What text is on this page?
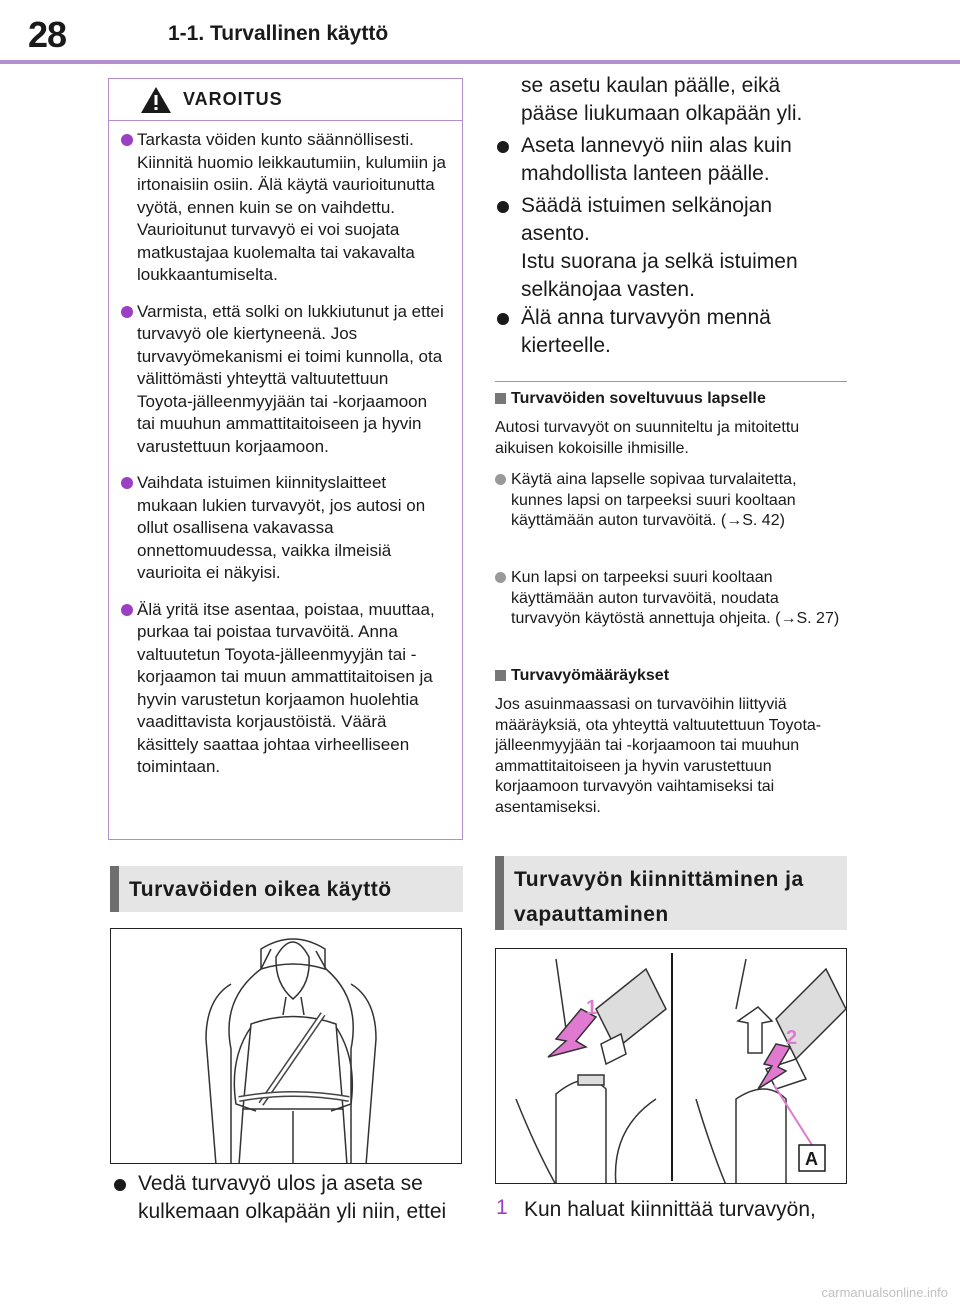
28	1-1. Turvallinen käyttö
VAROITUS
Tarkasta vöiden kunto säännöllisesti. Kiinnitä huomio leikkautumiin, kulumiin ja irtonaisiin osiin. Älä käytä vaurioitunutta vyötä, ennen kuin se on vaihdettu. Vaurioitunut turvavyö ei voi suojata matkustajaa kuolemalta tai vakavalta loukkaantumiselta.
Varmista, että solki on lukkiutunut ja ettei turvavyö ole kiertyneenä. Jos turvavyömekanismi ei toimi kunnolla, ota välittömästi yhteyttä valtuutettuun Toyota-jälleenmyyjään tai -korjaamoon tai muuhun ammattitaitoiseen ja hyvin varustettuun korjaamoon.
Vaihdata istuimen kiinnityslaitteet mukaan lukien turvavyöt, jos autosi on ollut osallisena vakavassa onnettomuudessa, vaikka ilmeisiä vaurioita ei näkyisi.
Älä yritä itse asentaa, poistaa, muuttaa, purkaa tai poistaa turvavöitä. Anna valtuutetun Toyota-jälleenmyyjän tai -korjaamon tai muun ammattitaitoisen ja hyvin varustetun korjaamon huolehtia vaadittavista korjaustöistä. Väärä käsittely saattaa johtaa virheelliseen toimintaan.
Turvavöiden oikea käyttö
Vedä turvavyö ulos ja aseta se kulkemaan olkapään yli niin, ettei
se asetu kaulan päälle, eikä pääse liukumaan olkapään yli.
Aseta lannevyö niin alas kuin mahdollista lanteen päälle.
Säädä istuimen selkänojan asento.
Istu suorana ja selkä istuimen selkänojaa vasten.
Älä anna turvavyön mennä kierteelle.
Turvavöiden soveltuvuus lapselle
Autosi turvavyöt on suunniteltu ja mitoitettu aikuisen kokoisille ihmisille.
Käytä aina lapselle sopivaa turvalaitetta, kunnes lapsi on tarpeeksi suuri kooltaan käyttämään auton turvavöitä. (→S. 42)
Kun lapsi on tarpeeksi suuri kooltaan käyttämään auton turvavöitä, noudata turvavyön käytöstä annettuja ohjeita. (→S. 27)
Turvavyömääräykset
Jos asuinmaassasi on turvavöihin liittyviä määräyksiä, ota yhteyttä valtuutettuun Toyota-jälleenmyyjään tai -korjaamoon tai muuhun ammattitaitoiseen ja hyvin varustettuun korjaamoon turvavyön vaihtamiseksi tai asentamiseksi.
Turvavyön kiinnittäminen ja vapauttaminen
1
2
A
1 Kun haluat kiinnittää turvavyön,
carmanualsonline.info
